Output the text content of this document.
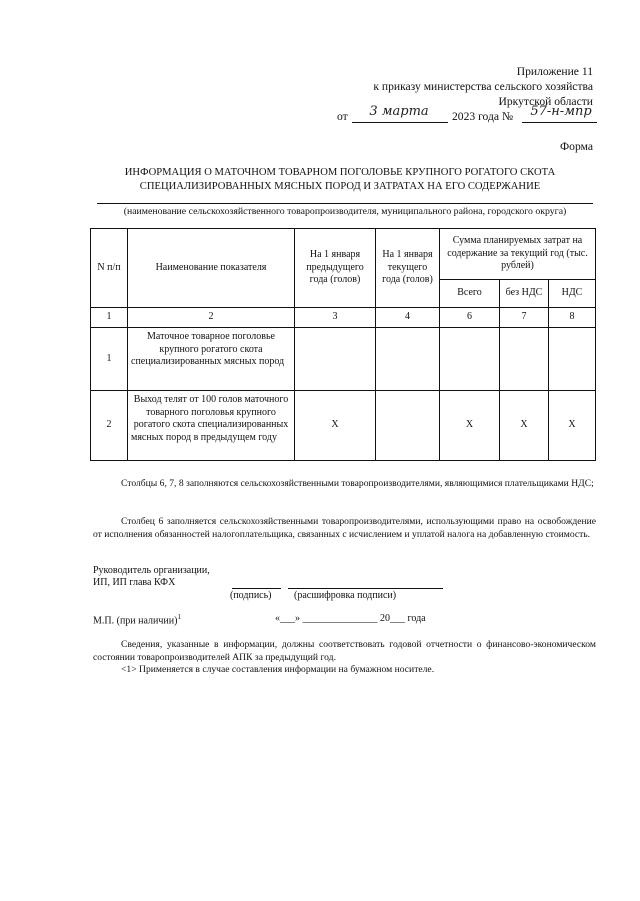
Приложение 11
к приказу министерства сельского хозяйства
Иркутской области
от	3 марта	2023 года №	57-н-мпр
Форма
ИНФОРМАЦИЯ О МАТОЧНОМ ТОВАРНОМ ПОГОЛОВЬЕ КРУПНОГО РОГАТОГО СКОТА
СПЕЦИАЛИЗИРОВАННЫХ МЯСНЫХ ПОРОД И ЗАТРАТАХ НА ЕГО СОДЕРЖАНИЕ
(наименование сельскохозяйственного товаропроизводителя, муниципального района, городского округа)
N п/п	Наименование показателя	На 1 января предыдущего года (голов)	На 1 января текущего года (голов)	Сумма планируемых затрат на содержание за текущий год (тыс. рублей)		
				Всего	без НДС	НДС
1	2	3	4	6	7	8
1	Маточное товарное поголовье крупного рогатого скота специализированных мясных пород					
2	Выход телят от 100 голов маточного товарного поголовья крупного рогатого скота специализированных мясных пород в предыдущем году	Х		Х	Х	Х
Столбцы 6, 7, 8 заполняются сельскохозяйственными товаропроизводителями, являющимися плательщиками НДС;
Столбец 6 заполняется сельскохозяйственными товаропроизводителями, использующими право на освобождение от исполнения обязанностей налогоплательщика, связанных с исчислением и уплатой налога на добавленную стоимость.
Руководитель организации,
ИП, ИП глава КФХ
(подпись) (расшифровка подписи)
М.П. (при наличии)$^1$	«___» _______________ 20___ года
Сведения, указанные в информации, должны соответствовать годовой отчетности о финансово-экономическом состоянии товаропроизводителей АПК за предыдущий год.
<1> Применяется в случае составления информации на бумажном носителе.
